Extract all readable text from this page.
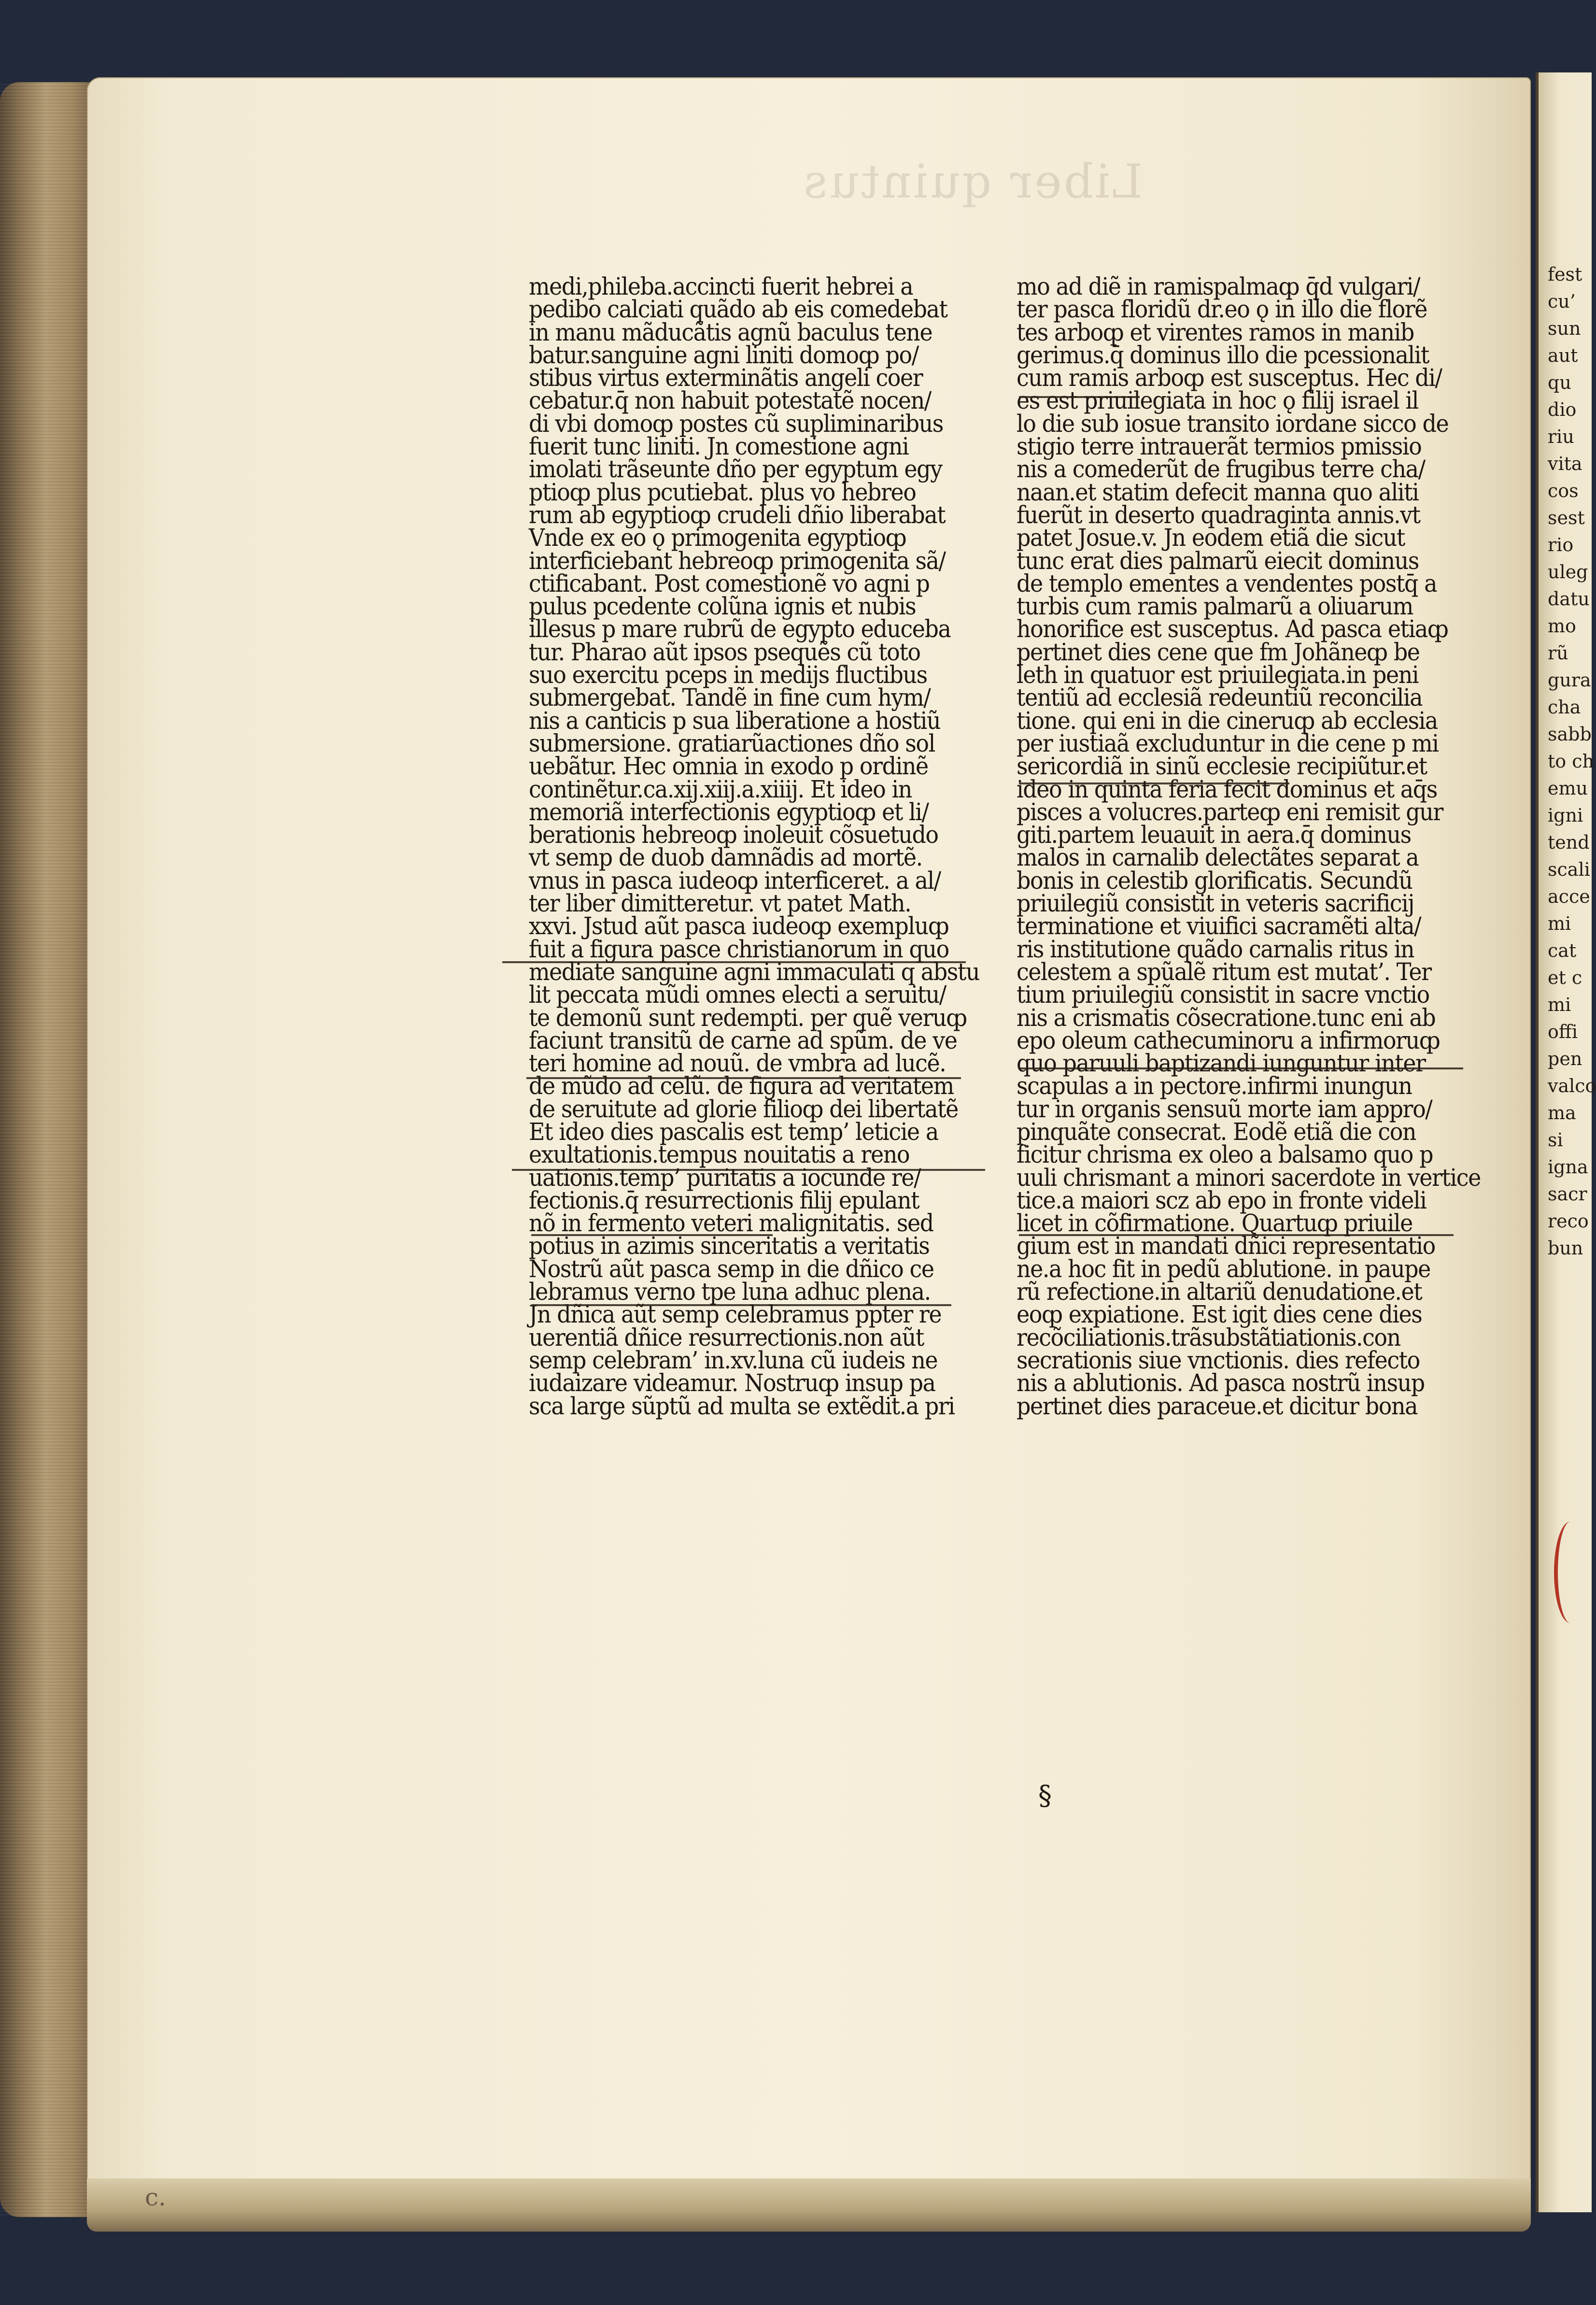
fest
cu’
sun
aut
qu
dio
riu
vita
cos
sest
rio
uleg
datu
mo
rũ
gura
cha
sabb
to ch
emu
igni
tend
scali
acce
mi
cat
et c
mi
offi
pen
valco
ma
si
igna
sacr
reco
bun
Liber quintus
medi,phileba.accincti fuerit hebrei a
pedibo calciati quãdo ab eis comedebat
in manu mãducãtis agnũ baculus tene
batur.sanguine agni liniti domoȹ po/
stibus virtus exterminãtis angeli coer
cebatur.q̄ non habuit potestatẽ nocen/
di vbi domoȹ postes cũ supliminaribus
fuerit tunc liniti. Jn comestione agni
imolati trãseunte dño per egyptum egy
ptioȹ plus pcutiebat. plus vo hebreo
rum ab egyptioȹ crudeli dñio liberabat
Vnde ex eo ǫ primogenita egyptioȹ
interficiebant hebreoȹ primogenita sã/
ctificabant. Post comestionẽ vo agni p
pulus pcedente colũna ignis et nubis
illesus p mare rubrũ de egypto educeba
tur. Pharao aũt ipsos psequẽs cũ toto
suo exercitu pceps in medijs fluctibus
submergebat. Tandẽ in fine cum hym/
nis a canticis p sua liberatione a hostiũ
submersione. gratiarũactiones dño sol
uebãtur. Hec omnia in exodo p ordinẽ
continẽtur.ca.xij.xiij.a.xiiij. Et ideo in
memoriã interfectionis egyptioȹ et li/
berationis hebreoȹ inoleuit cõsuetudo
vt semp de duob damnãdis ad mortẽ.
vnus in pasca iudeoȹ interficeret. a al/
ter liber dimitteretur. vt patet Math.
xxvi. Jstud aũt pasca iudeoȹ exempluȹ
fuit a figura pasce christianorum in quo
mediate sanguine agni immaculati q abstu
lit peccata mũdi omnes electi a seruitu/
te demonũ sunt redempti. per quẽ veruȹ
faciunt transitũ de carne ad spũm. de ve
teri homine ad nouũ. de vmbra ad lucẽ.
de mũdo ad celũ. de figura ad veritatem
de seruitute ad glorie filioȹ dei libertatẽ
Et ideo dies pascalis est temp’ leticie a
exultationis.tempus nouitatis a reno
uationis.temp’ puritatis a iocunde re/
fectionis.q̄ resurrectionis filij epulant
nõ in fermento veteri malignitatis. sed
potius in azimis sinceritatis a veritatis
Nostrũ aũt pasca semp in die dñico ce
lebramus verno tpe luna adhuc plena.
Jn dñica aũt semp celebramus ppter re
uerentiã dñice resurrectionis.non aũt
semp celebram’ in.xv.luna cũ iudeis ne
iudaizare videamur. Nostruȹ insup pa
sca large sũptũ ad multa se extẽdit.a pri
mo ad diẽ in ramispalmaȹ q̄d vulgari/
ter pasca floridũ dr.eo ǫ in illo die florẽ
tes arboȹ et virentes ramos in manib
gerimus.q̄ dominus illo die pcessionalit
cum ramis arboȹ est susceptus. Hec di/
es est priuilegiata in hoc ǫ filij israel il
lo die sub iosue transito iordane sicco de
stigio terre intrauerãt termios pmissio
nis a comederũt de frugibus terre cha/
naan.et statim defecit manna quo aliti
fuerũt in deserto quadraginta annis.vt
patet Josue.v. Jn eodem etiã die sicut
tunc erat dies palmarũ eiecit dominus
de templo ementes a vendentes postq̄ a
turbis cum ramis palmarũ a oliuarum
honorifice est susceptus. Ad pasca etiaȹ
pertinet dies cene que fm Johãneȹ be
leth in quatuor est priuilegiata.in peni
tentiũ ad ecclesiã redeuntiũ reconcilia
tione. qui eni in die cineruȹ ab ecclesia
per iustiaã excluduntur in die cene p mi
sericordiã in sinũ ecclesie recipiũtur.et
ideo in quinta feria fecit dominus et aq̄s
pisces a volucres.parteȹ eni remisit gur
giti.partem leuauit in aera.q̄ dominus
malos in carnalib delectãtes separat a
bonis in celestib glorificatis. Secundũ
priuilegiũ consistit in veteris sacrificij
terminatione et viuifici sacramẽti alta/
ris institutione quãdo carnalis ritus in
celestem a spũalẽ ritum est mutat’. Ter
tium priuilegiũ consistit in sacre vnctio
nis a crismatis cõsecratione.tunc eni ab
epo oleum cathecuminoru a infirmoruȹ
quo paruuli baptizandi iunguntur inter
scapulas a in pectore.infirmi inungun
tur in organis sensuũ morte iam appro/
pinquãte consecrat. Eodẽ etiã die con
ficitur chrisma ex oleo a balsamo quo p
uuli chrismant a minori sacerdote in vertice
tice.a maiori scz ab epo in fronte videli
licet in cõfirmatione. Quartuȹ priuile
gium est in mandati dñici representatio
ne.a hoc fit in pedũ ablutione. in paupe
rũ refectione.in altariũ denudatione.et
eoȹ expiatione. Est igit dies cene dies
recõciliationis.trãsubstãtiationis.con
secrationis siue vnctionis. dies refecto
nis a ablutionis. Ad pasca nostrũ insup
pertinet dies paraceue.et dicitur bona
§
c.
